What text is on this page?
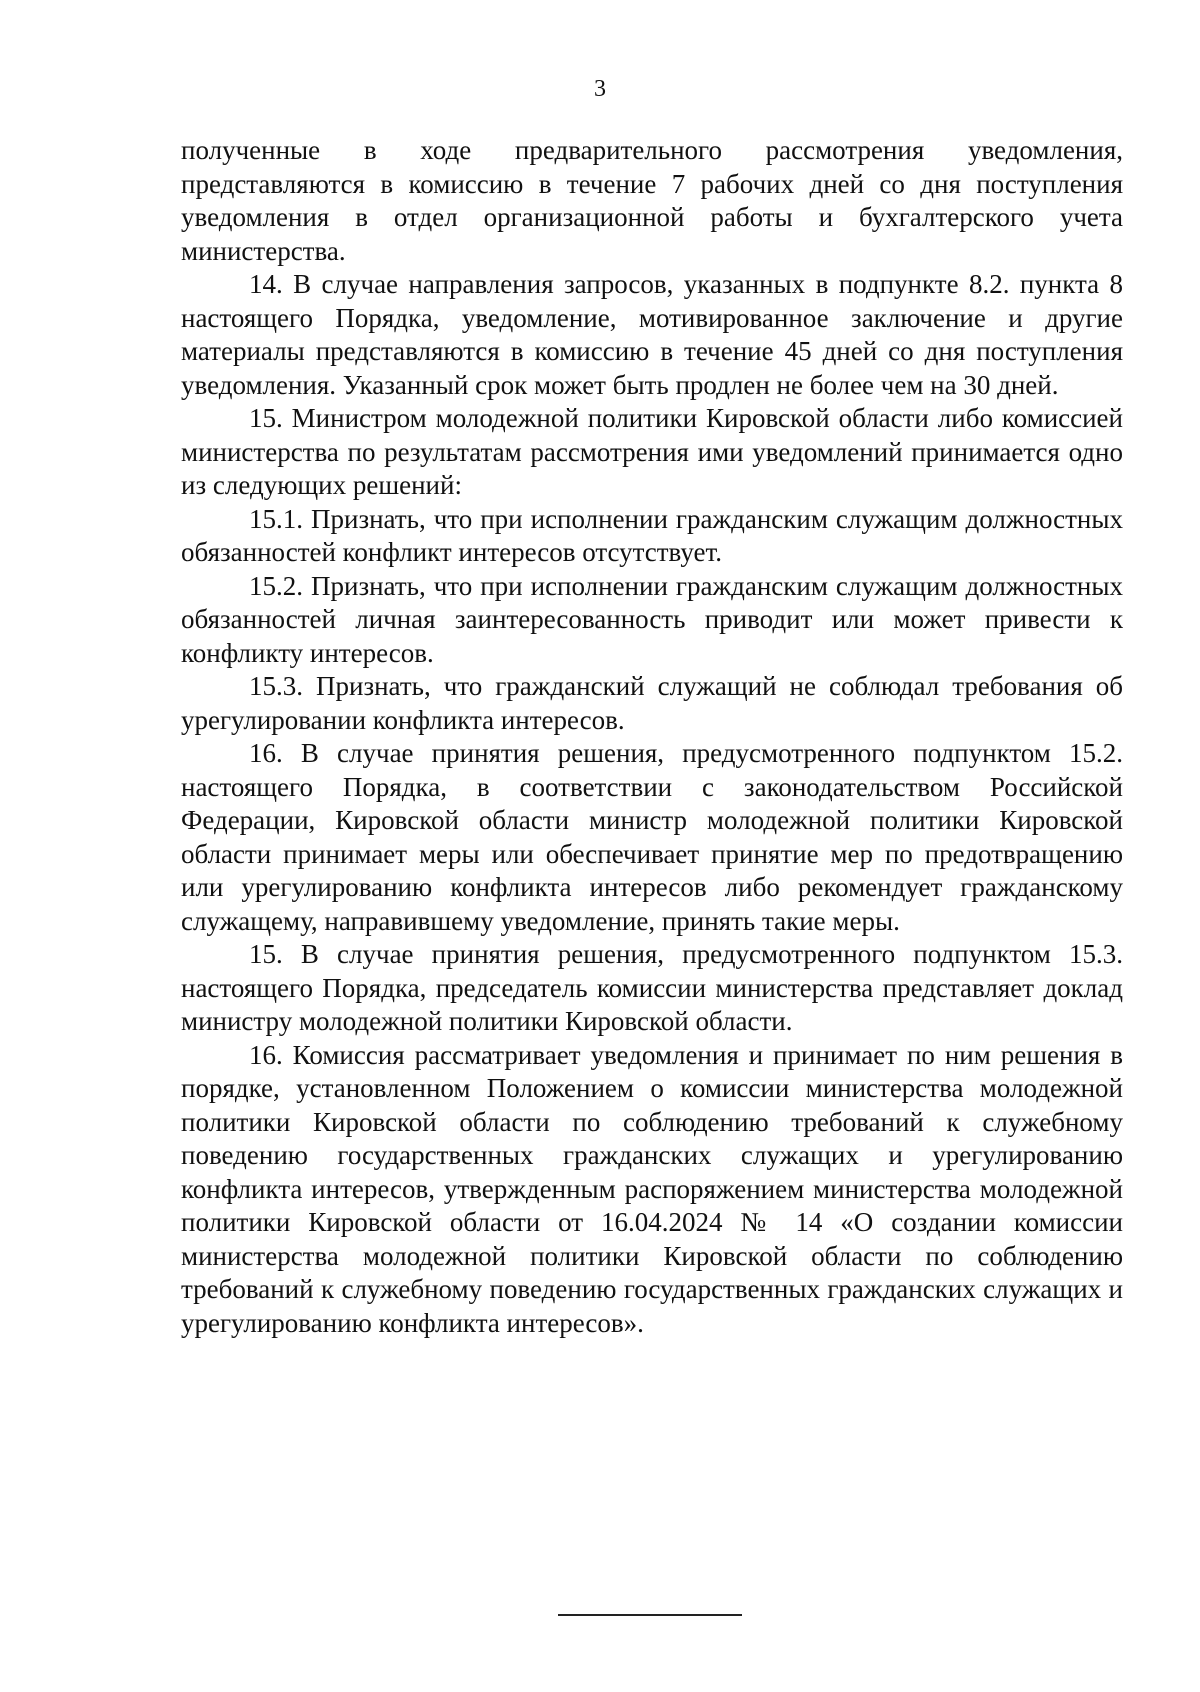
3

полученные в ходе предварительного рассмотрения уведомления, представляются в комиссию в течение 7 рабочих дней со дня поступления уведомления в отдел организационной работы и бухгалтерского учета министерства.

14. В случае направления запросов, указанных в подпункте 8.2. пункта 8 настоящего Порядка, уведомление, мотивированное заключение и другие материалы представляются в комиссию в течение 45 дней со дня поступления уведомления. Указанный срок может быть продлен не более чем на 30 дней.

15. Министром молодежной политики Кировской области либо комиссией министерства по результатам рассмотрения ими уведомлений принимается одно из следующих решений:

15.1. Признать, что при исполнении гражданским служащим должностных обязанностей конфликт интересов отсутствует.

15.2. Признать, что при исполнении гражданским служащим должностных обязанностей личная заинтересованность приводит или может привести к конфликту интересов.

15.3. Признать, что гражданский служащий не соблюдал требования об урегулировании конфликта интересов.

16. В случае принятия решения, предусмотренного подпунктом 15.2. настоящего Порядка, в соответствии с законодательством Российской Федерации, Кировской области министр молодежной политики Кировской области принимает меры или обеспечивает принятие мер по предотвращению или урегулированию конфликта интересов либо рекомендует гражданскому служащему, направившему уведомление, принять такие меры.

15. В случае принятия решения, предусмотренного подпунктом 15.3. настоящего Порядка, председатель комиссии министерства представляет доклад министру молодежной политики Кировской области.

16. Комиссия рассматривает уведомления и принимает по ним решения в порядке, установленном Положением о комиссии министерства молодежной политики Кировской области по соблюдению требований к служебному поведению государственных гражданских служащих и урегулированию конфликта интересов, утвержденным распоряжением министерства молодежной политики Кировской области от 16.04.2024 № 14 «О создании комиссии министерства молодежной политики Кировской области по соблюдению требований к служебному поведению государственных гражданских служащих и урегулированию конфликта интересов».
